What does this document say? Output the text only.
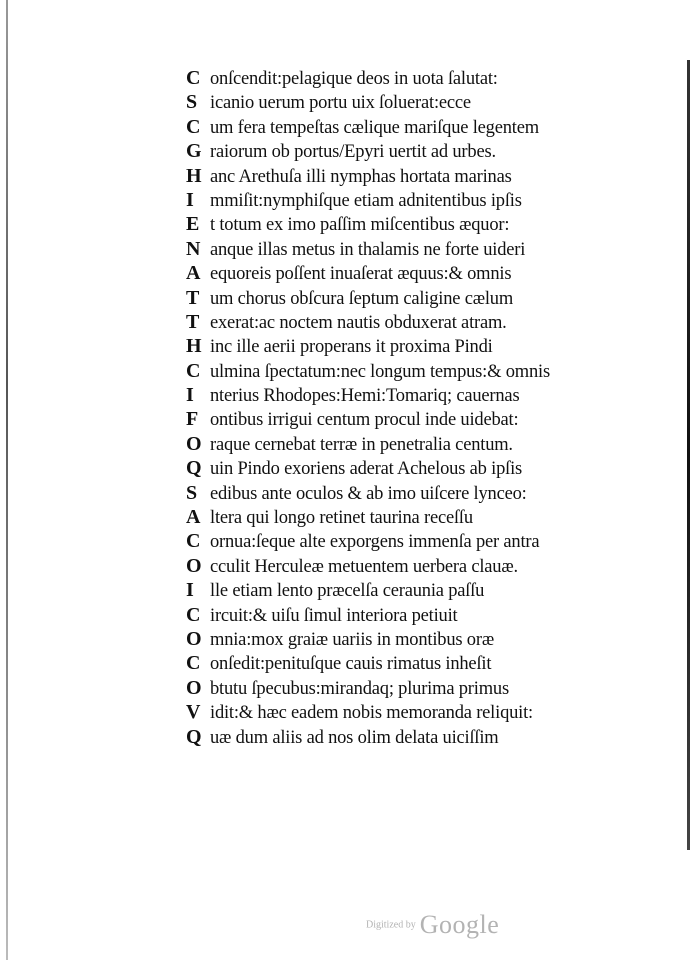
C onſcendit:pelagique deos in uota ſalutat:
S icanio uerum portu uix ſoluerat:ecce
C um fera tempeſtas cælique mariſque legentem
G raiorum ob portus/Epyri uertit ad urbes.
H anc Arethuſa illi nymphas hortata marinas
I mmiſit:nymphiſque etiam adnitentibus ipſis
E t totum ex imo paſſim miſcentibus æquor:
N anque illas metus in thalamis ne forte uideri
A equoreis poſſent inuaſerat æquus:& omnis
T um chorus obſcura ſeptum caligine cælum
T exerat:ac noctem nautis obduxerat atram.
H inc ille aerii properans it proxima Pindi
C ulmina ſpectatum:nec longum tempus:& omnis
I nterius Rhodopes:Hemi:Tomariq; cauernas
F ontibus irrigui centum procul inde uidebat:
O raque cernebat terræ in penetralia centum.
Q uin Pindo exoriens aderat Achelous ab ipſis
S edibus ante oculos & ab imo uiſcere lynceo:
A ltera qui longo retinet taurina receſſu
C ornua:ſeque alte exporgens immenſa per antra
O cculit Herculeæ metuentem uerbera clauæ.
I lle etiam lento præcelſa ceraunia paſſu
C ircuit:& uiſu ſimul interiora petiuit
O mnia:mox graiæ uariis in montibus oræ
C onſedit:penituſque cauis rimatus inheſit
O btutu ſpecubus:mirandaq; plurima primus
V idit:& hæc eadem nobis memoranda reliquit:
Q uæ dum aliis ad nos olim delata uiciſſim
Digitized by Google
